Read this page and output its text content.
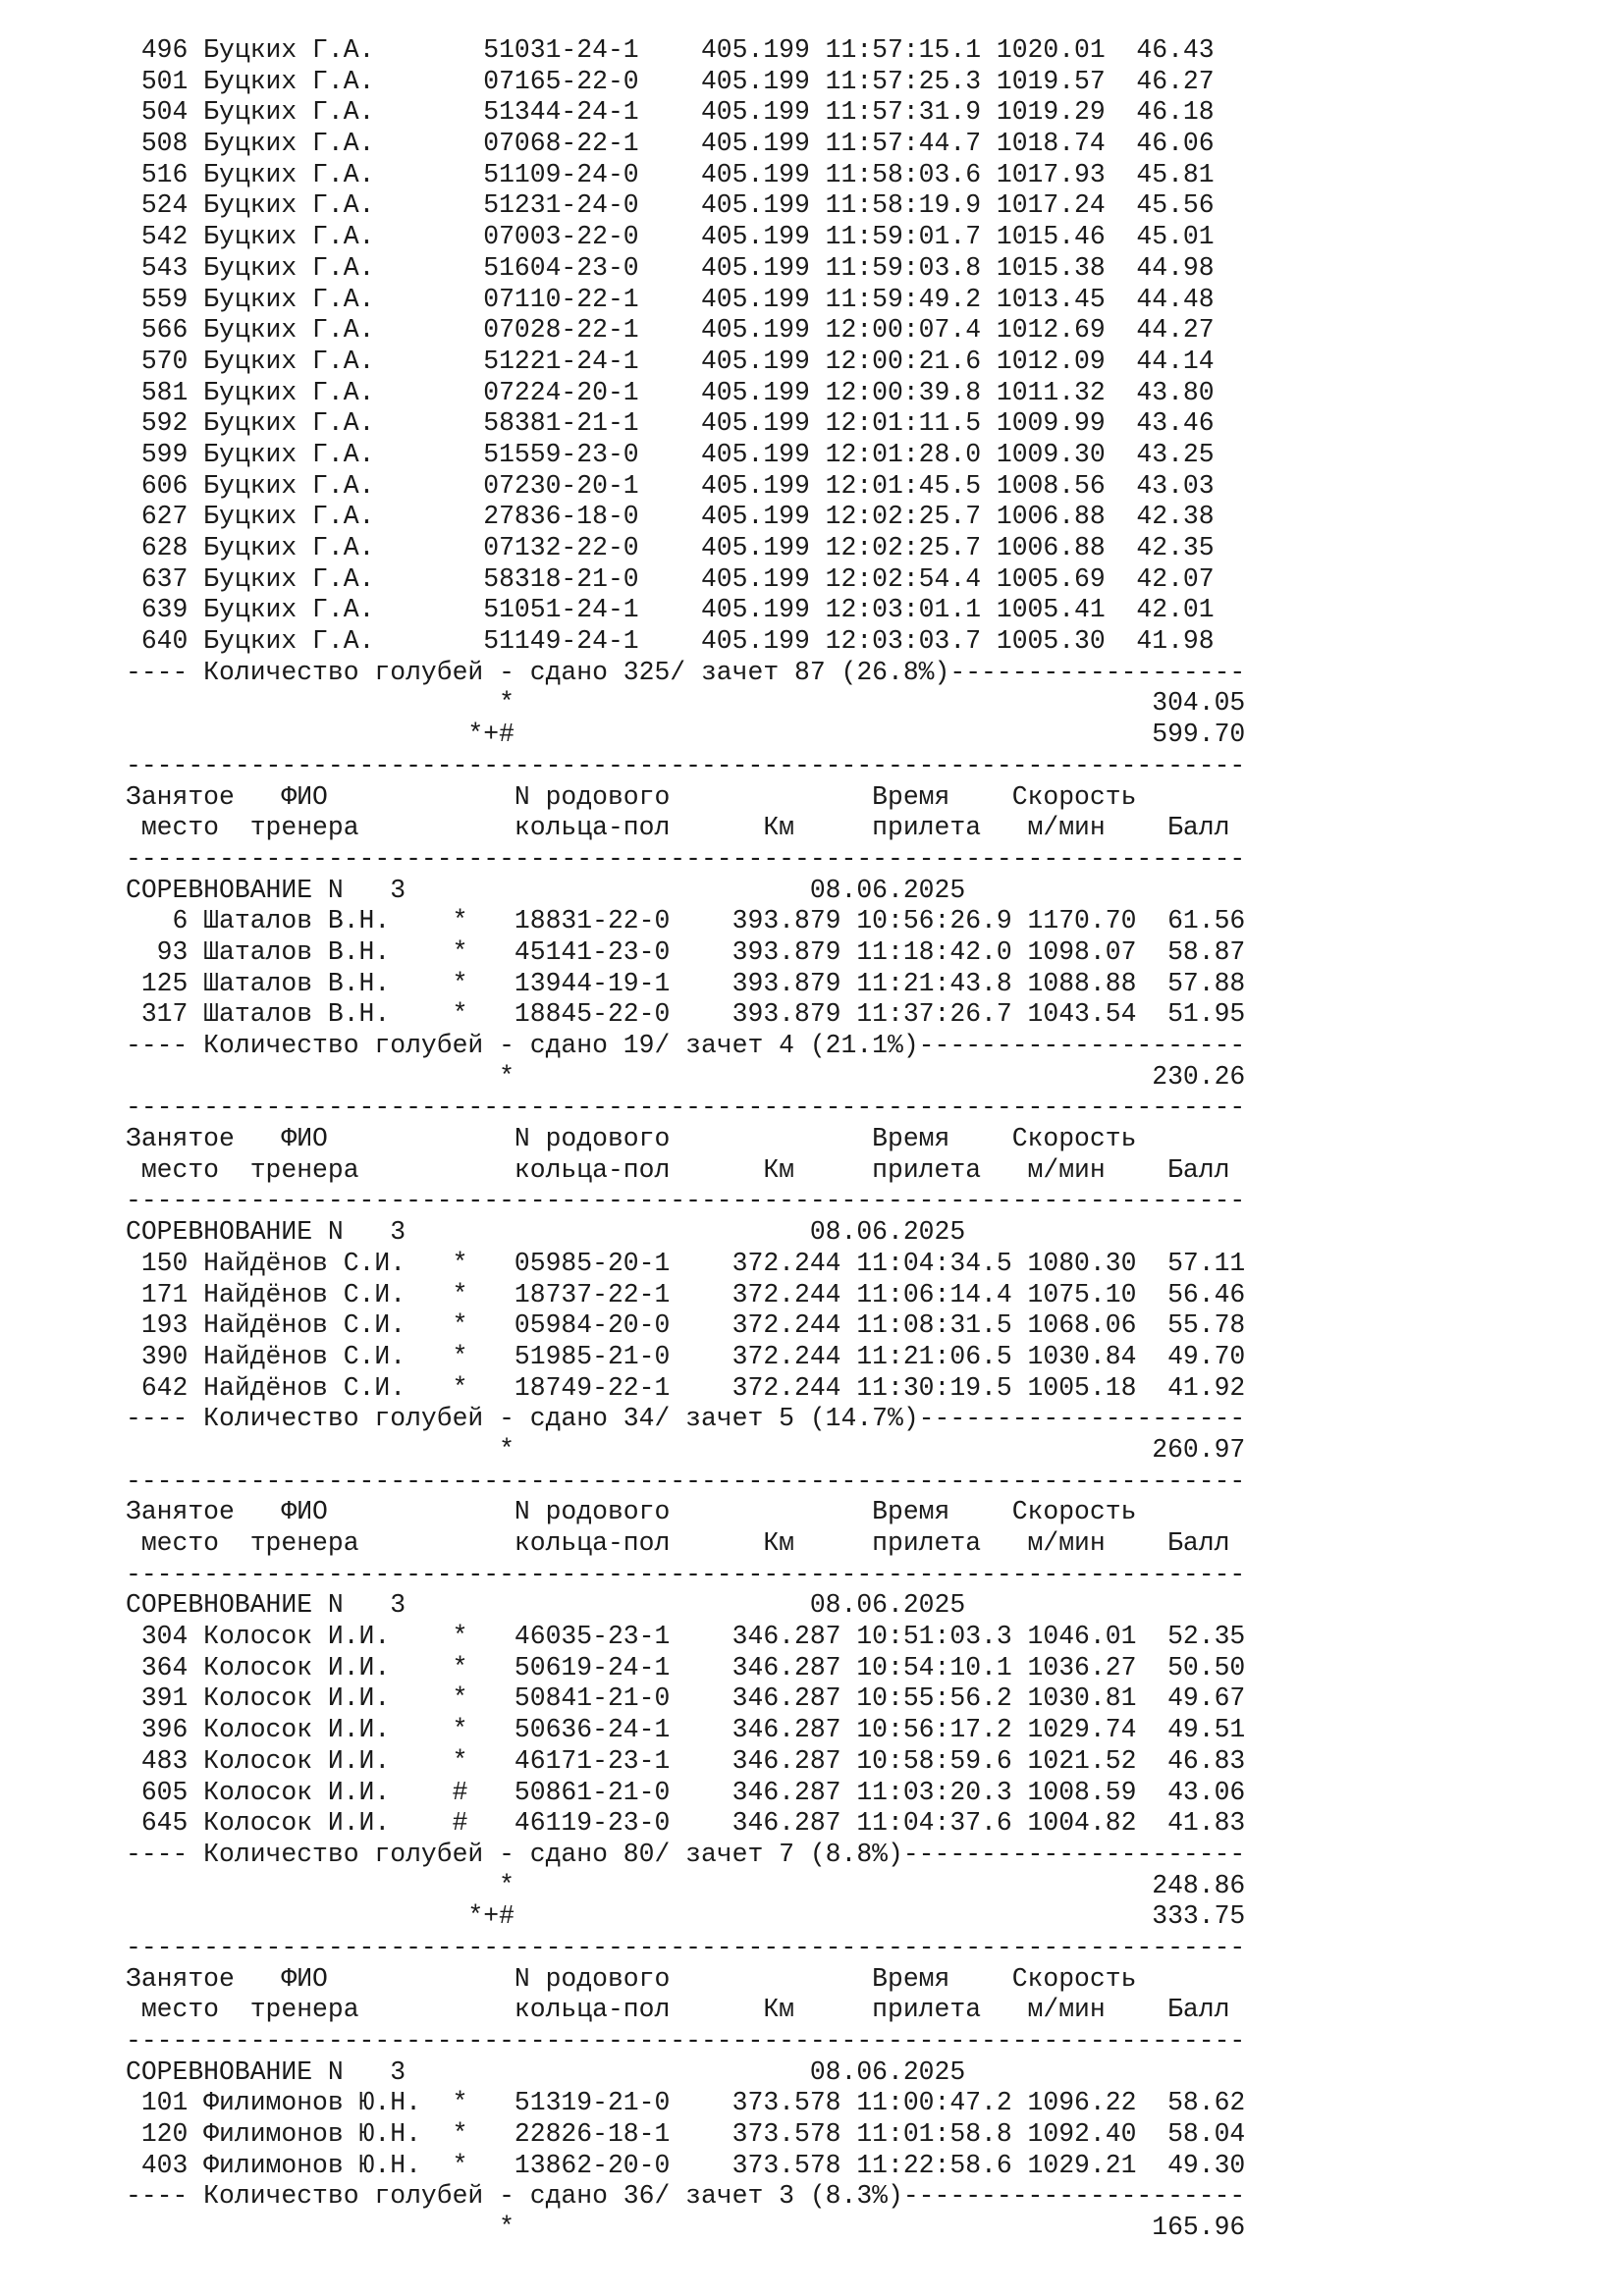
496 Буцких Г.А.       51031-24-1    405.199 11:57:15.1 1020.01  46.43
501 Буцких Г.А.       07165-22-0    405.199 11:57:25.3 1019.57  46.27
504 Буцких Г.А.       51344-24-1    405.199 11:57:31.9 1019.29  46.18
508 Буцких Г.А.       07068-22-1    405.199 11:57:44.7 1018.74  46.06
516 Буцких Г.А.       51109-24-0    405.199 11:58:03.6 1017.93  45.81
524 Буцких Г.А.       51231-24-0    405.199 11:58:19.9 1017.24  45.56
542 Буцких Г.А.       07003-22-0    405.199 11:59:01.7 1015.46  45.01
543 Буцких Г.А.       51604-23-0    405.199 11:59:03.8 1015.38  44.98
559 Буцких Г.А.       07110-22-1    405.199 11:59:49.2 1013.45  44.48
566 Буцких Г.А.       07028-22-1    405.199 12:00:07.4 1012.69  44.27
570 Буцких Г.А.       51221-24-1    405.199 12:00:21.6 1012.09  44.14
581 Буцких Г.А.       07224-20-1    405.199 12:00:39.8 1011.32  43.80
592 Буцких Г.А.       58381-21-1    405.199 12:01:11.5 1009.99  43.46
599 Буцких Г.А.       51559-23-0    405.199 12:01:28.0 1009.30  43.25
606 Буцких Г.А.       07230-20-1    405.199 12:01:45.5 1008.56  43.03
627 Буцких Г.А.       27836-18-0    405.199 12:02:25.7 1006.88  42.38
628 Буцких Г.А.       07132-22-0    405.199 12:02:25.7 1006.88  42.35
637 Буцких Г.А.       58318-21-0    405.199 12:02:54.4 1005.69  42.07
639 Буцких Г.А.       51051-24-1    405.199 12:03:01.1 1005.41  42.01
640 Буцких Г.А.       51149-24-1    405.199 12:03:03.7 1005.30  41.98
---- Количество голубей - сдано 325/ зачет 87 (26.8%)-------------------
*                                         304.05
*+#                                         599.70
------------------------------------------------------------------------
Занятое   ФИО            N родового             Время    Скорость
место  тренера          кольца-пол      Км     прилета   м/мин    Балл
------------------------------------------------------------------------
СОРЕВНОВАНИЕ N   3                          08.06.2025
6 Шаталов В.Н.    *   18831-22-0    393.879 10:56:26.9 1170.70  61.56
93 Шаталов В.Н.    *   45141-23-0    393.879 11:18:42.0 1098.07  58.87
125 Шаталов В.Н.    *   13944-19-1    393.879 11:21:43.8 1088.88  57.88
317 Шаталов В.Н.    *   18845-22-0    393.879 11:37:26.7 1043.54  51.95
---- Количество голубей - сдано 19/ зачет 4 (21.1%)---------------------
*                                         230.26
------------------------------------------------------------------------
Занятое   ФИО            N родового             Время    Скорость
место  тренера          кольца-пол      Км     прилета   м/мин    Балл
------------------------------------------------------------------------
СОРЕВНОВАНИЕ N   3                          08.06.2025
150 Найдёнов С.И.   *   05985-20-1    372.244 11:04:34.5 1080.30  57.11
171 Найдёнов С.И.   *   18737-22-1    372.244 11:06:14.4 1075.10  56.46
193 Найдёнов С.И.   *   05984-20-0    372.244 11:08:31.5 1068.06  55.78
390 Найдёнов С.И.   *   51985-21-0    372.244 11:21:06.5 1030.84  49.70
642 Найдёнов С.И.   *   18749-22-1    372.244 11:30:19.5 1005.18  41.92
---- Количество голубей - сдано 34/ зачет 5 (14.7%)---------------------
*                                         260.97
------------------------------------------------------------------------
Занятое   ФИО            N родового             Время    Скорость
место  тренера          кольца-пол      Км     прилета   м/мин    Балл
------------------------------------------------------------------------
СОРЕВНОВАНИЕ N   3                          08.06.2025
304 Колосок И.И.    *   46035-23-1    346.287 10:51:03.3 1046.01  52.35
364 Колосок И.И.    *   50619-24-1    346.287 10:54:10.1 1036.27  50.50
391 Колосок И.И.    *   50841-21-0    346.287 10:55:56.2 1030.81  49.67
396 Колосок И.И.    *   50636-24-1    346.287 10:56:17.2 1029.74  49.51
483 Колосок И.И.    *   46171-23-1    346.287 10:58:59.6 1021.52  46.83
605 Колосок И.И.    #   50861-21-0    346.287 11:03:20.3 1008.59  43.06
645 Колосок И.И.    #   46119-23-0    346.287 11:04:37.6 1004.82  41.83
---- Количество голубей - сдано 80/ зачет 7 (8.8%)----------------------
*                                         248.86
*+#                                         333.75
------------------------------------------------------------------------
Занятое   ФИО            N родового             Время    Скорость
место  тренера          кольца-пол      Км     прилета   м/мин    Балл
------------------------------------------------------------------------
СОРЕВНОВАНИЕ N   3                          08.06.2025
101 Филимонов Ю.Н.  *   51319-21-0    373.578 11:00:47.2 1096.22  58.62
120 Филимонов Ю.Н.  *   22826-18-1    373.578 11:01:58.8 1092.40  58.04
403 Филимонов Ю.Н.  *   13862-20-0    373.578 11:22:58.6 1029.21  49.30
---- Количество голубей - сдано 36/ зачет 3 (8.3%)----------------------
*                                         165.96
